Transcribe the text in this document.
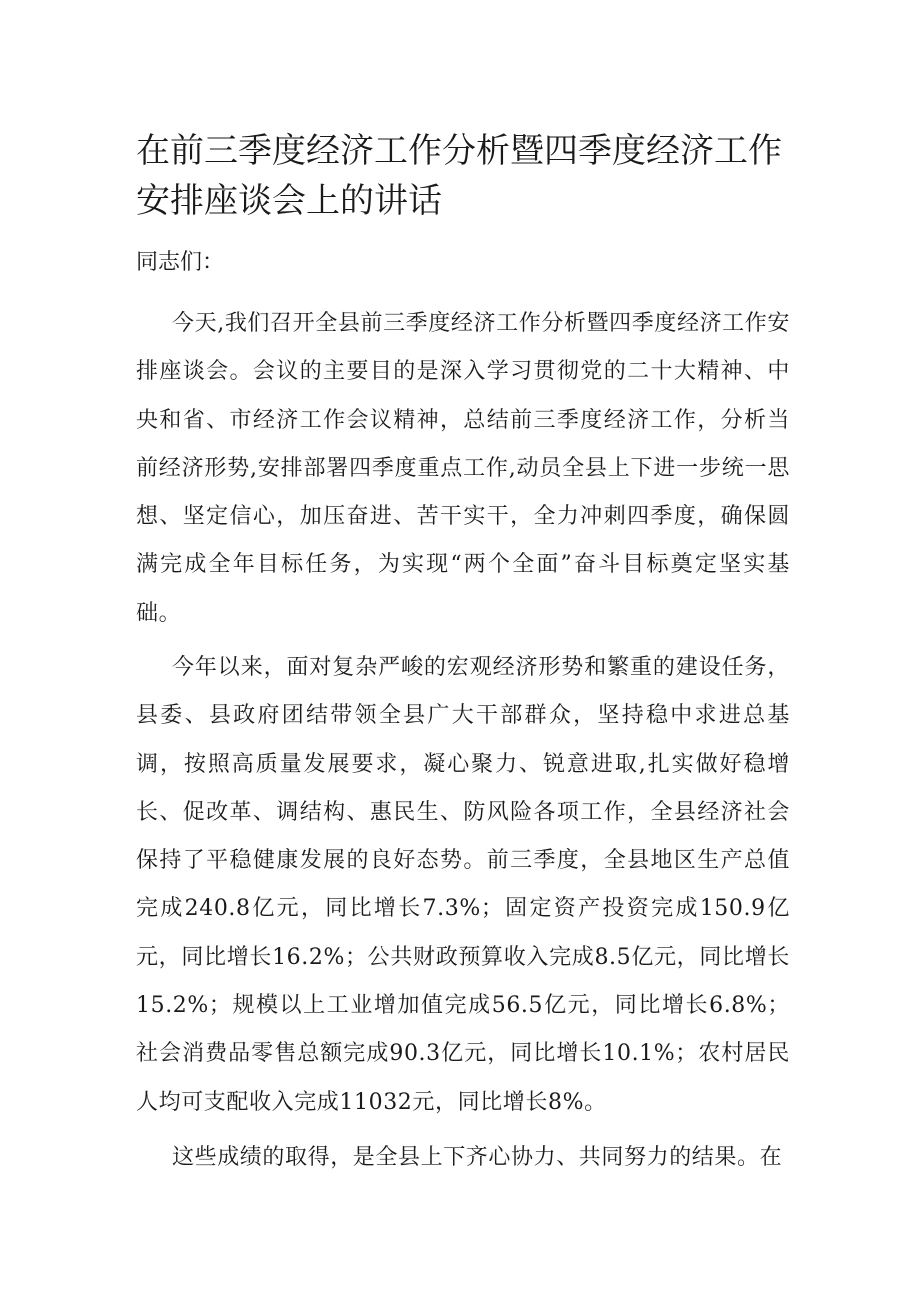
在前三季度经济工作分析暨四季度经济工作安排座谈会上的讲话

同志们：

今天,我们召开全县前三季度经济工作分析暨四季度经济工作安排座谈会。会议的主要目的是深入学习贯彻党的二十大精神、中央和省、市经济工作会议精神，总结前三季度经济工作，分析当前经济形势,安排部署四季度重点工作,动员全县上下进一步统一思想、坚定信心，加压奋进、苦干实干，全力冲刺四季度，确保圆满完成全年目标任务，为实现“两个全面”奋斗目标奠定坚实基础。

今年以来，面对复杂严峻的宏观经济形势和繁重的建设任务，县委、县政府团结带领全县广大干部群众，坚持稳中求进总基调，按照高质量发展要求，凝心聚力、锐意进取,扎实做好稳增长、促改革、调结构、惠民生、防风险各项工作，全县经济社会保持了平稳健康发展的良好态势。前三季度，全县地区生产总值完成240.8亿元，同比增长7.3%；固定资产投资完成150.9亿元，同比增长16.2%；公共财政预算收入完成8.5亿元，同比增长15.2%；规模以上工业增加值完成56.5亿元，同比增长6.8%；社会消费品零售总额完成90.3亿元，同比增长10.1%；农村居民人均可支配收入完成11032元，同比增长8%。

这些成绩的取得，是全县上下齐心协力、共同努力的结果。在
